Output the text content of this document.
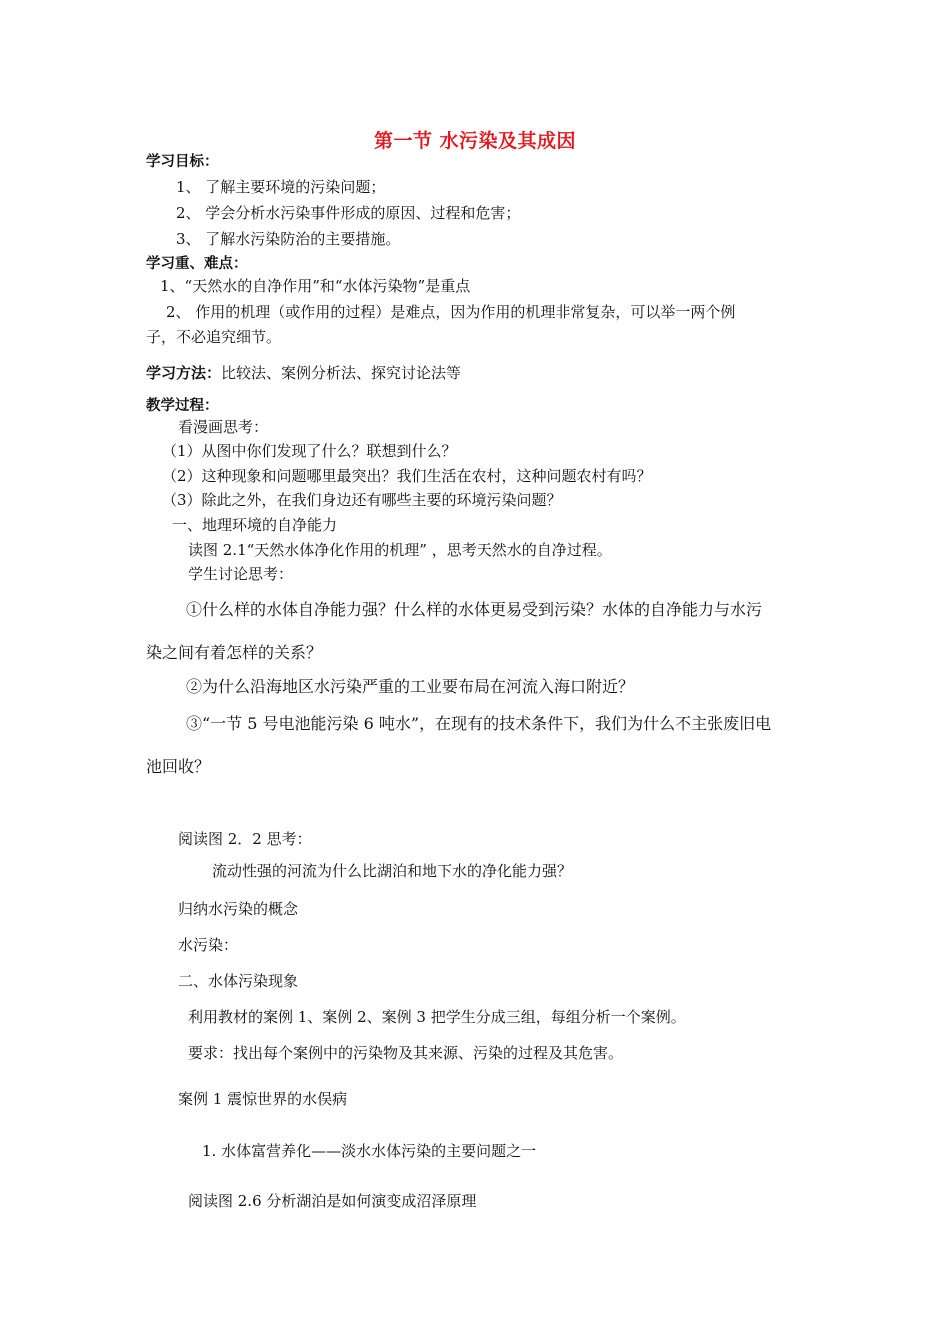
第一节 水污染及其成因
学习目标：
1、 了解主要环境的污染问题；
2、 学会分析水污染事件形成的原因、过程和危害；
3、 了解水污染防治的主要措施。
学习重、难点：
1、“天然水的自净作用”和“水体污染物”是重点
2、 作用的机理（或作用的过程）是难点，因为作用的机理非常复杂，可以举一两个例
子，不必追究细节。
学习方法：比较法、案例分析法、探究讨论法等
教学过程：
看漫画思考：
（1）从图中你们发现了什么？联想到什么？
（2）这种现象和问题哪里最突出？我们生活在农村，这种问题农村有吗？
（3）除此之外，在我们身边还有哪些主要的环境污染问题？
一、地理环境的自净能力
读图 2.1“天然水体净化作用的机理” ，思考天然水的自净过程。
学生讨论思考：
①什么样的水体自净能力强？什么样的水体更易受到污染？水体的自净能力与水污
染之间有着怎样的关系？
②为什么沿海地区水污染严重的工业要布局在河流入海口附近？
③“一节 5 号电池能污染 6 吨水”，在现有的技术条件下，我们为什么不主张废旧电
池回收？
阅读图 2．2 思考：
流动性强的河流为什么比湖泊和地下水的净化能力强？
归纳水污染的概念
水污染：
二、水体污染现象
利用教材的案例 1、案例 2、案例 3 把学生分成三组，每组分析一个案例。
要求：找出每个案例中的污染物及其来源、污染的过程及其危害。
案例 1 震惊世界的水俣病
1. 水体富营养化——淡水水体污染的主要问题之一
阅读图 2.6 分析湖泊是如何演变成沼泽原理
